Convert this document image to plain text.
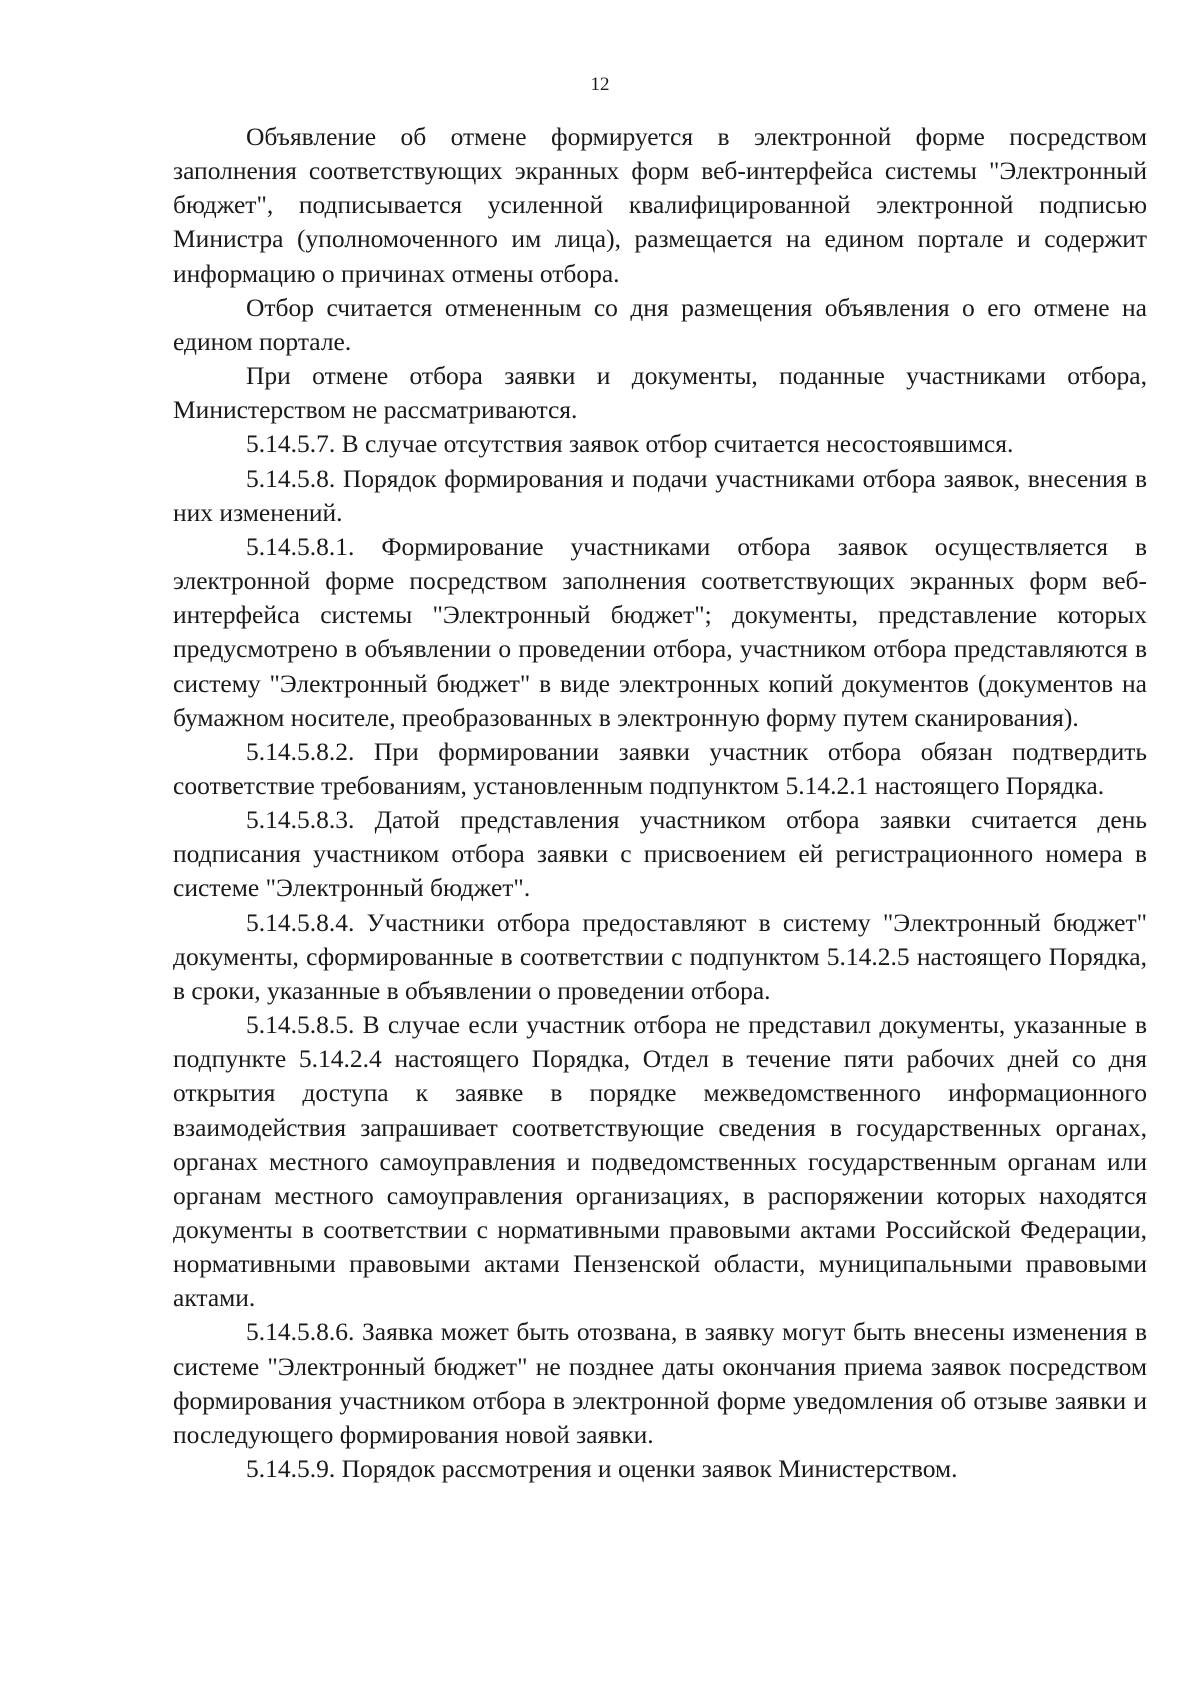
12

Объявление об отмене формируется в электронной форме посредством заполнения соответствующих экранных форм веб-интерфейса системы "Электронный бюджет", подписывается усиленной квалифицированной электронной подписью Министра (уполномоченного им лица), размещается на едином портале и содержит информацию о причинах отмены отбора.

Отбор считается отмененным со дня размещения объявления о его отмене на едином портале.

При отмене отбора заявки и документы, поданные участниками отбора, Министерством не рассматриваются.

5.14.5.7. В случае отсутствия заявок отбор считается несостоявшимся.

5.14.5.8. Порядок формирования и подачи участниками отбора заявок, внесения в них изменений.

5.14.5.8.1. Формирование участниками отбора заявок осуществляется в электронной форме посредством заполнения соответствующих экранных форм веб-интерфейса системы "Электронный бюджет"; документы, представление которых предусмотрено в объявлении о проведении отбора, участником отбора представляются в систему "Электронный бюджет" в виде электронных копий документов (документов на бумажном носителе, преобразованных в электронную форму путем сканирования).

5.14.5.8.2. При формировании заявки участник отбора обязан подтвердить соответствие требованиям, установленным подпунктом 5.14.2.1 настоящего Порядка.

5.14.5.8.3. Датой представления участником отбора заявки считается день подписания участником отбора заявки с присвоением ей регистрационного номера в системе "Электронный бюджет".

5.14.5.8.4. Участники отбора предоставляют в систему "Электронный бюджет" документы, сформированные в соответствии с подпунктом 5.14.2.5 настоящего Порядка, в сроки, указанные в объявлении о проведении отбора.

5.14.5.8.5. В случае если участник отбора не представил документы, указанные в подпункте 5.14.2.4 настоящего Порядка, Отдел в течение пяти рабочих дней со дня открытия доступа к заявке в порядке межведомственного информационного взаимодействия запрашивает соответствующие сведения в государственных органах, органах местного самоуправления и подведомственных государственным органам или органам местного самоуправления организациях, в распоряжении которых находятся документы в соответствии с нормативными правовыми актами Российской Федерации, нормативными правовыми актами Пензенской области, муниципальными правовыми актами.

5.14.5.8.6. Заявка может быть отозвана, в заявку могут быть внесены изменения в системе "Электронный бюджет" не позднее даты окончания приема заявок посредством формирования участником отбора в электронной форме уведомления об отзыве заявки и последующего формирования новой заявки.

5.14.5.9. Порядок рассмотрения и оценки заявок Министерством.
